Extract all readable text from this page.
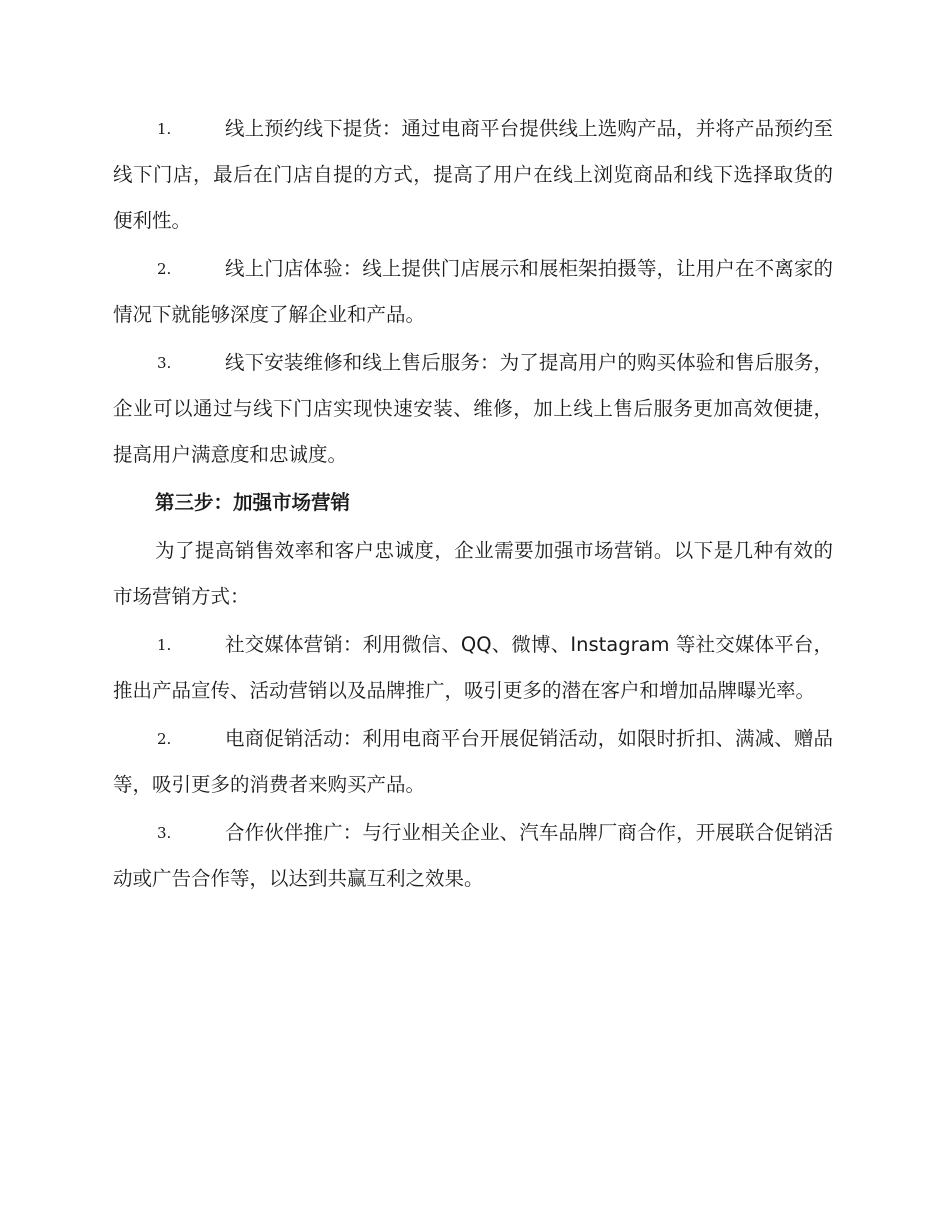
1.	线上预约线下提货：通过电商平台提供线上选购产品，并将产品预约至线下门店，最后在门店自提的方式，提高了用户在线上浏览商品和线下选择取货的便利性。

2.	线上门店体验：线上提供门店展示和展柜架拍摄等，让用户在不离家的情况下就能够深度了解企业和产品。

3.	线下安装维修和线上售后服务：为了提高用户的购买体验和售后服务，企业可以通过与线下门店实现快速安装、维修，加上线上售后服务更加高效便捷，提高用户满意度和忠诚度。

第三步：加强市场营销

为了提高销售效率和客户忠诚度，企业需要加强市场营销。以下是几种有效的市场营销方式：

1.	社交媒体营销：利用微信、QQ、微博、Instagram 等社交媒体平台，推出产品宣传、活动营销以及品牌推广，吸引更多的潜在客户和增加品牌曝光率。

2.	电商促销活动：利用电商平台开展促销活动，如限时折扣、满减、赠品等，吸引更多的消费者来购买产品。

3.	合作伙伴推广：与行业相关企业、汽车品牌厂商合作，开展联合促销活动或广告合作等，以达到共赢互利之效果。
